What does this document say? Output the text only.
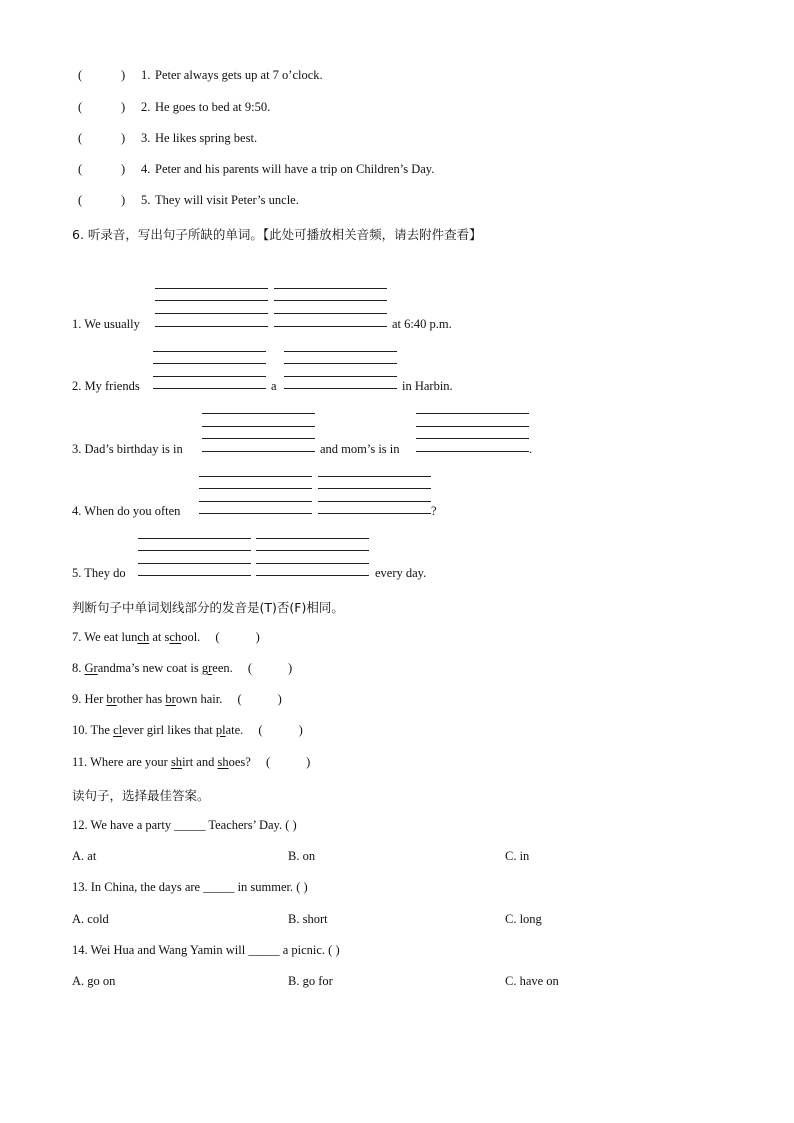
(	) 1. Peter always gets up at 7 o’clock.
(	) 2. He goes to bed at 9:50.
(	) 3. He likes spring best.
(	) 4. Peter and his parents will have a trip on Children’s Day.
(	) 5. They will visit Peter’s uncle.
6. 听录音，写出句子所缺的单词。【此处可播放相关音频，请去附件查看】
1. We usually	at 6:40 p.m.
2. My friends	a	in Harbin.
3. Dad’s birthday is in	and mom’s is in	.
4. When do you often	?
5. They do	every day.
判断句子中单词划线部分的发音是(T)否(F)相同。
7. We eat lunch at school. (	)
8. Grandma’s new coat is green. (	)
9. Her brother has brown hair. (	)
10. The clever girl likes that plate. (	)
11. Where are your shirt and shoes? (	)
读句子，选择最佳答案。
12. We have a party _____ Teachers’ Day. ( )
A. at	B. on	C. in
13. In China, the days are _____ in summer. ( )
A. cold	B. short	C. long
14. Wei Hua and Wang Yamin will _____ a picnic. ( )
A. go on	B. go for	C. have on
